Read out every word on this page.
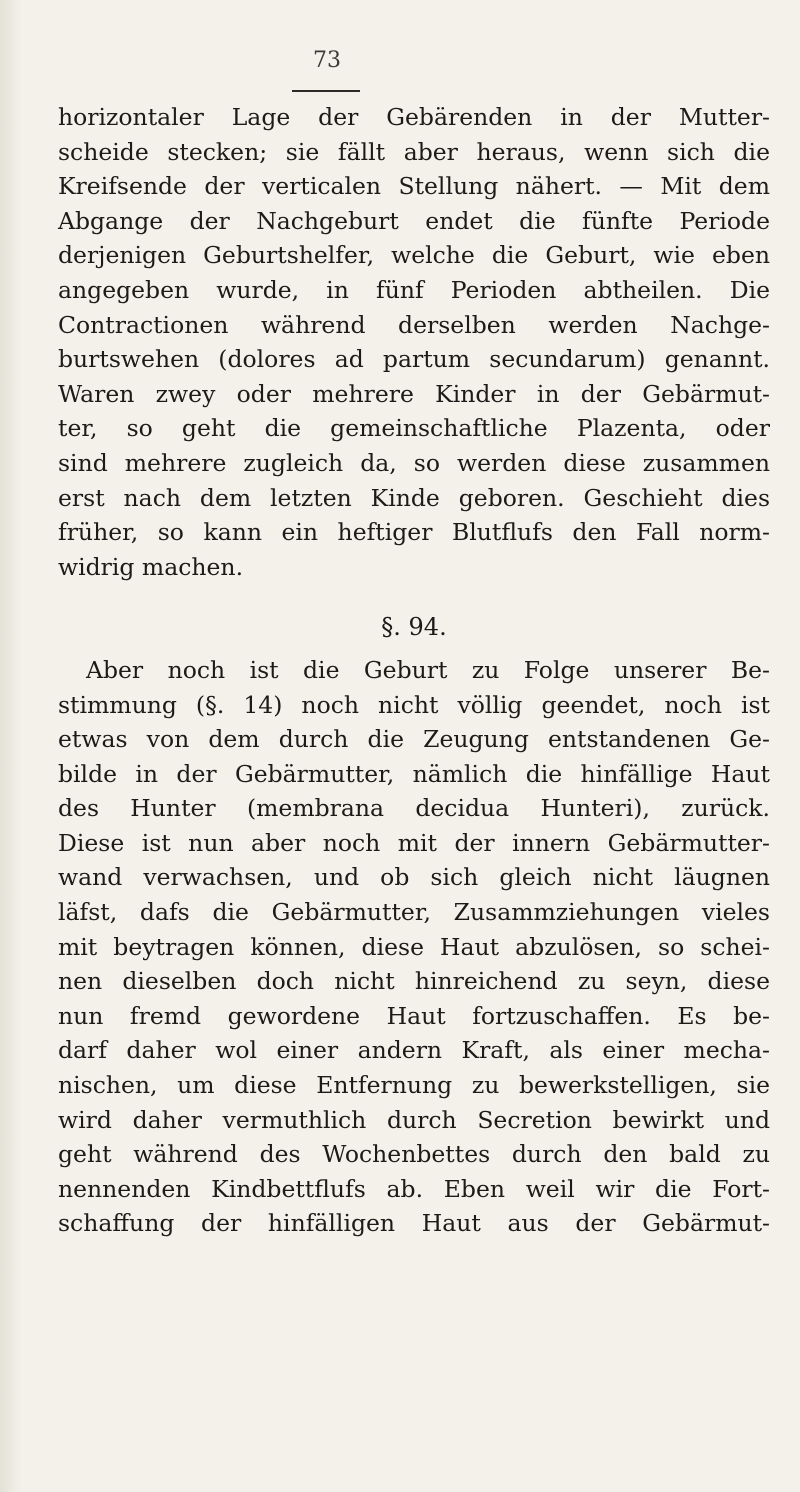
73
horizontaler Lage der Gebärenden in der Mutter-
scheide stecken; sie fällt aber heraus, wenn sich die
Kreifsende der verticalen Stellung nähert. — Mit dem
Abgange der Nachgeburt endet die fünfte Periode
derjenigen Geburtshelfer, welche die Geburt, wie eben
angegeben wurde, in fünf Perioden abtheilen. Die
Contractionen während derselben werden Nachge-
burtswehen (dolores ad partum secundarum) genannt.
Waren zwey oder mehrere Kinder in der Gebärmut-
ter, so geht die gemeinschaftliche Plazenta, oder
sind mehrere zugleich da, so werden diese zusammen
erst nach dem letzten Kinde geboren. Geschieht dies
früher, so kann ein heftiger Blutflufs den Fall norm-
widrig machen.
§. 94.
Aber noch ist die Geburt zu Folge unserer Be-
stimmung (§. 14) noch nicht völlig geendet, noch ist
etwas von dem durch die Zeugung entstandenen Ge-
bilde in der Gebärmutter, nämlich die hinfällige Haut
des Hunter (membrana decidua Hunteri), zurück.
Diese ist nun aber noch mit der innern Gebärmutter-
wand verwachsen, und ob sich gleich nicht läugnen
läfst, dafs die Gebärmutter, Zusammziehungen vieles
mit beytragen können, diese Haut abzulösen, so schei-
nen dieselben doch nicht hinreichend zu seyn, diese
nun fremd gewordene Haut fortzuschaffen. Es be-
darf daher wol einer andern Kraft, als einer mecha-
nischen, um diese Entfernung zu bewerkstelligen, sie
wird daher vermuthlich durch Secretion bewirkt und
geht während des Wochenbettes durch den bald zu
nennenden Kindbettflufs ab. Eben weil wir die Fort-
schaffung der hinfälligen Haut aus der Gebärmut-
